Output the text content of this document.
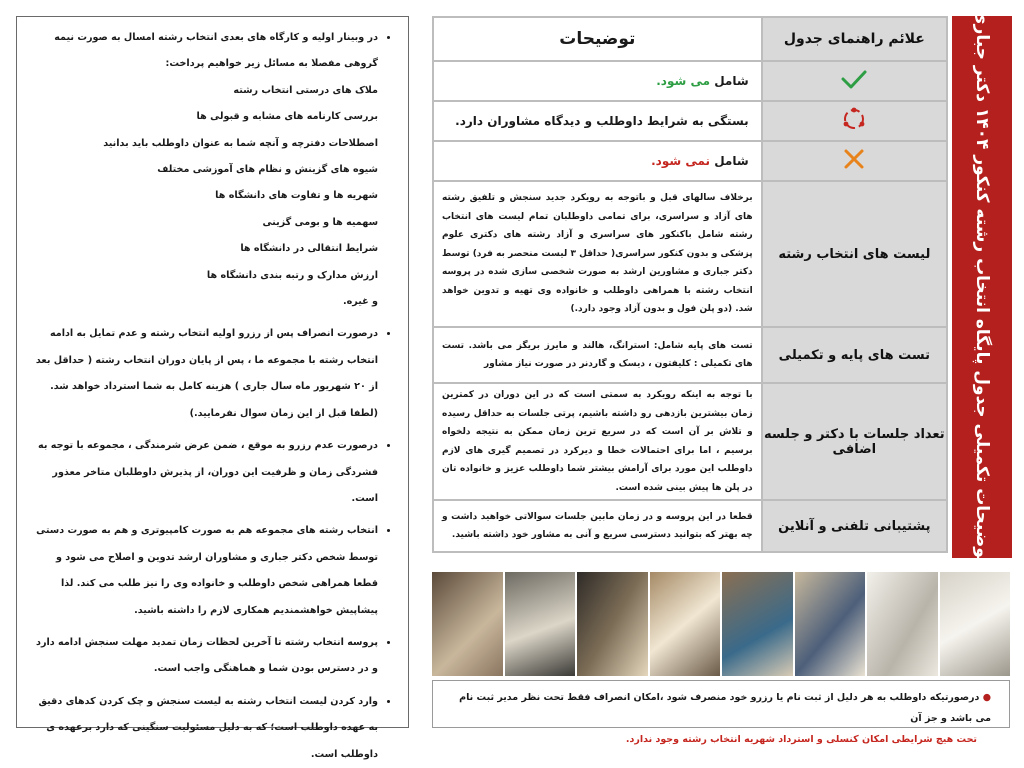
• در وبینار اولیه و کارگاه های بعدی انتخاب رشته امسال به صورت نیمه گروهی مفصلا به مسائل زیر خواهیم پرداخت:
ملاک های درستی انتخاب رشته
بررسی کارنامه های مشابه و قبولی ها
اصطلاحات دفترچه و آنچه شما به عنوان داوطلب باید بدانید
شیوه های گزینش و نظام های آموزشی مختلف
شهریه ها و تفاوت های دانشگاه ها
سهمیه ها و بومی گزینی
شرایط انتقالی در دانشگاه ها
ارزش مدارک و رتبه بندی دانشگاه ها
و غیره.
• درصورت انصراف پس از رزرو اولیه انتخاب رشته و عدم تمایل به ادامه انتخاب رشته با مجموعه ما ، پس از پایان دوران انتخاب رشته ( حداقل بعد از ۲۰ شهریور ماه سال جاری ) هزینه کامل به شما استرداد خواهد شد. (لطفا قبل از این زمان سوال نفرمایید.)
• درصورت عدم رزرو به موقع ، ضمن عرض شرمندگی ، مجموعه با توجه به فشردگی زمان و ظرفیت این دوران، از پذیرش داوطلبان متاخر معذور است.
• انتخاب رشته های مجموعه هم به صورت کامپیوتری و هم به صورت دستی توسط شخص دکتر جباری و مشاوران ارشد تدوین و اصلاح می شود و قطعا همراهی شخص داوطلب و خانواده وی را نیز طلب می کند. لذا پیشاپیش خواهشمندیم همکاری لازم را داشته باشید.
• پروسه انتخاب رشته تا آخرین لحظات زمان تمدید مهلت سنجش ادامه دارد و در دسترس بودن شما و هماهنگی واجب است.
• وارد کردن لیست انتخاب رشته به لیست سنجش و چک کردن کدهای دقیق به عهده داوطلب است؛ که به دلیل مسئولیت سنگینی که دارد برعهده ی داوطلب است.
توضیحات تکمیلی جدول پایگاه انتخاب رشته کنکور ۱۴۰۴ دکتر جباری
علائم راهنمای جدول	توضیحات
	شامل می شود.
	بستگی به شرایط داوطلب و دیدگاه مشاوران دارد.
	شامل نمی شود.
لیست های انتخاب رشته	برخلاف سالهای قبل و باتوجه به رویکرد جدید سنجش و تلفیق رشته های آزاد و سراسری، برای تمامی داوطلبان تمام لیست های انتخاب رشته شامل باکنکور های سراسری و آزاد رشته های دکتری علوم پزشکی و بدون کنکور سراسری( حداقل ۳ لیست منحصر به فرد) توسط دکتر جباری و مشاورین ارشد به صورت شخصی سازی شده در پروسه انتخاب رشته با همراهی داوطلب و خانواده وی تهیه و تدوین خواهد شد. (دو پلن فول و بدون آزاد وجود دارد.)
تست های پایه و تکمیلی	تست های پایه شامل: استرانگ، هالند و مایرز بریگز می باشد. تست های تکمیلی : کلیفتون ، دیسک و گاردنر در صورت نیاز مشاور
تعداد جلسات با دکتر و جلسه اضافی	با توجه به اینکه رویکرد به سمتی است که در این دوران در کمترین زمان بیشترین بازدهی رو داشته باشیم، پرتی جلسات به حداقل رسیده و تلاش بر آن است که در سریع ترین زمان ممکن به نتیجه دلخواه برسیم ، اما برای احتمالات خطا و دیرکرد در تصمیم گیری های لازم داوطلب این مورد برای آرامش بیشتر شما داوطلب عزیز و خانواده تان در پلن ها پیش بینی شده است.
پشتیبانی تلفنی و آنلاین	قطعا در این پروسه و در زمان مابین جلسات سوالاتی خواهید داشت و چه بهتر که بتوانید دسترسی سریع و آنی به مشاور خود داشته باشید.
● درصورتیکه داوطلب به هر دلیل از ثبت نام یا رزرو خود منصرف شود ،امکان انصراف فقط تحت نظر مدیر ثبت نام می باشد و جز آن
تحت هیچ شرایطی امکان کنسلی و استرداد شهریه انتخاب رشته وجود ندارد.
